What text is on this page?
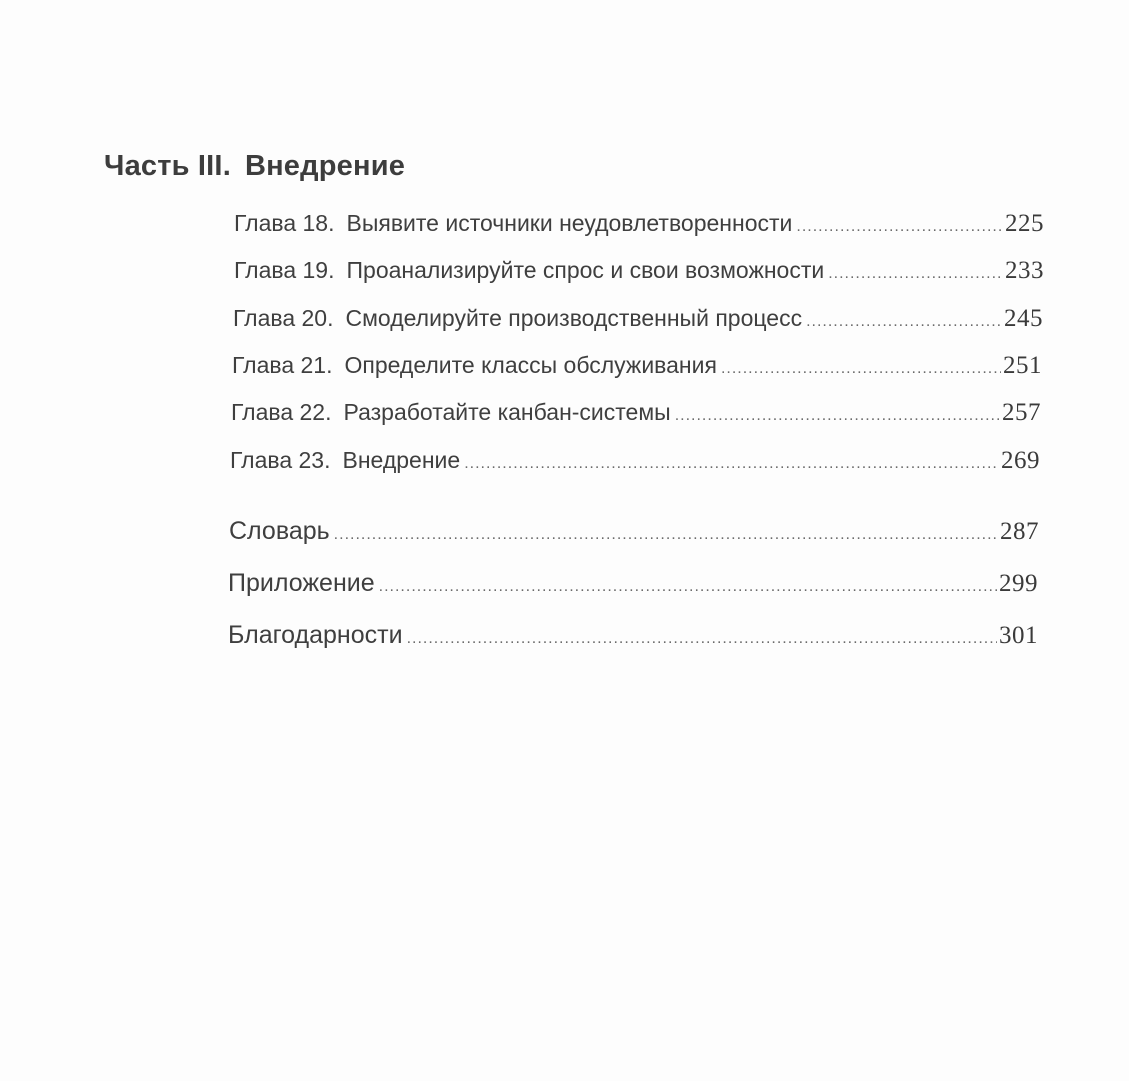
Часть III. Внедрение
Глава 18. Выявите источники неудовлетворенности .....	225
Глава 19. Проанализируйте спрос и свои возможности .....	233
Глава 20. Смоделируйте производственный процесс .....	245
Глава 21. Определите классы обслуживания .....	251
Глава 22. Разработайте канбан-системы .....	257
Глава 23. Внедрение .....	269
Словарь .....	287
Приложение .....	299
Благодарности .....	301
